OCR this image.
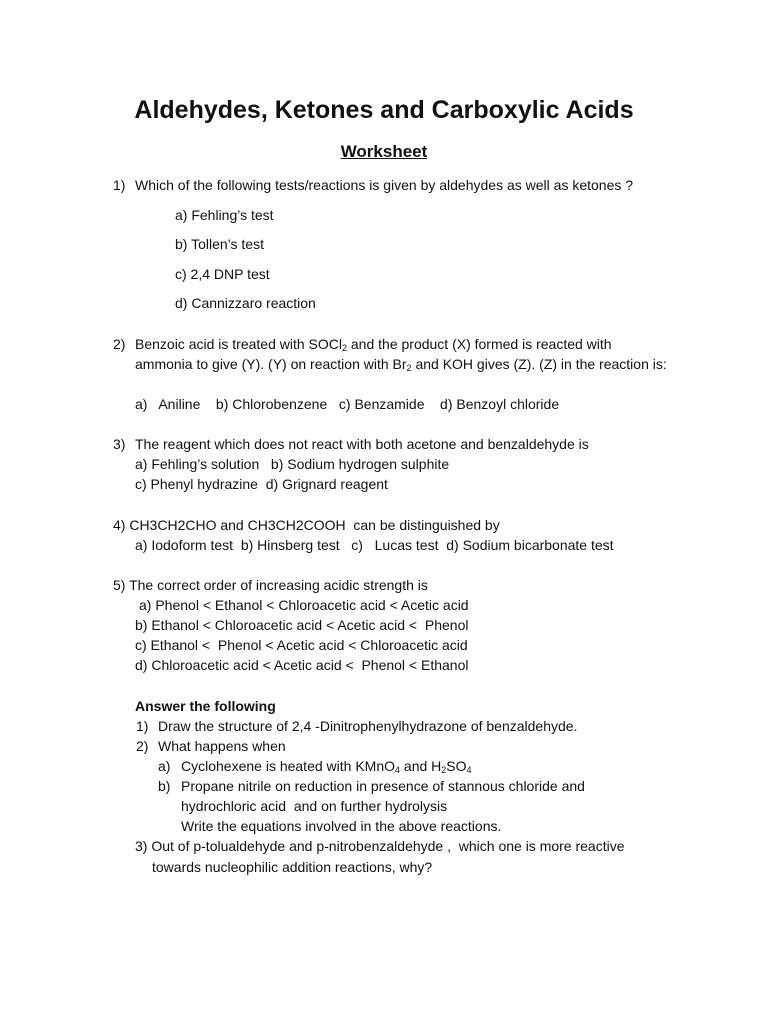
Aldehydes, Ketones and Carboxylic Acids
Worksheet
1) Which of the following tests/reactions is given by aldehydes as well as ketones ?
a) Fehling’s test
b) Tollen’s test
c) 2,4 DNP test
d) Cannizzaro reaction
2) Benzoic acid is treated with SOCl$_2$ and the product (X) formed is reacted with
ammonia to give (Y). (Y) on reaction with $Br_2$ and KOH gives (Z). (Z) in the reaction is:
a)   Aniline    b) Chlorobenzene   c) Benzamide    d) Benzoyl chloride
3) The reagent which does not react with both acetone and benzaldehyde is
a) Fehling’s solution   b) Sodium hydrogen sulphite
c) Phenyl hydrazine  d) Grignard reagent
4) CH3CH2CHO and CH3CH2COOH  can be distinguished by
a) Iodoform test  b) Hinsberg test   c)   Lucas test  d) Sodium bicarbonate test
5) The correct order of increasing acidic strength is
a) Phenol < Ethanol < Chloroacetic acid < Acetic acid
b) Ethanol < Chloroacetic acid < Acetic acid <  Phenol
c) Ethanol <  Phenol < Acetic acid < Chloroacetic acid
d) Chloroacetic acid < Acetic acid <  Phenol < Ethanol
Answer the following
1) Draw the structure of 2,4 -Dinitrophenylhydrazone of benzaldehyde.
2) What happens when
a) Cyclohexene is heated with KMnO$_4$ and $H_2SO_4$
b) Propane nitrile on reduction in presence of stannous chloride and
hydrochloric acid  and on further hydrolysis
Write the equations involved in the above reactions.
3) Out of p-tolualdehyde and p-nitrobenzaldehyde ,  which one is more reactive
towards nucleophilic addition reactions, why?
